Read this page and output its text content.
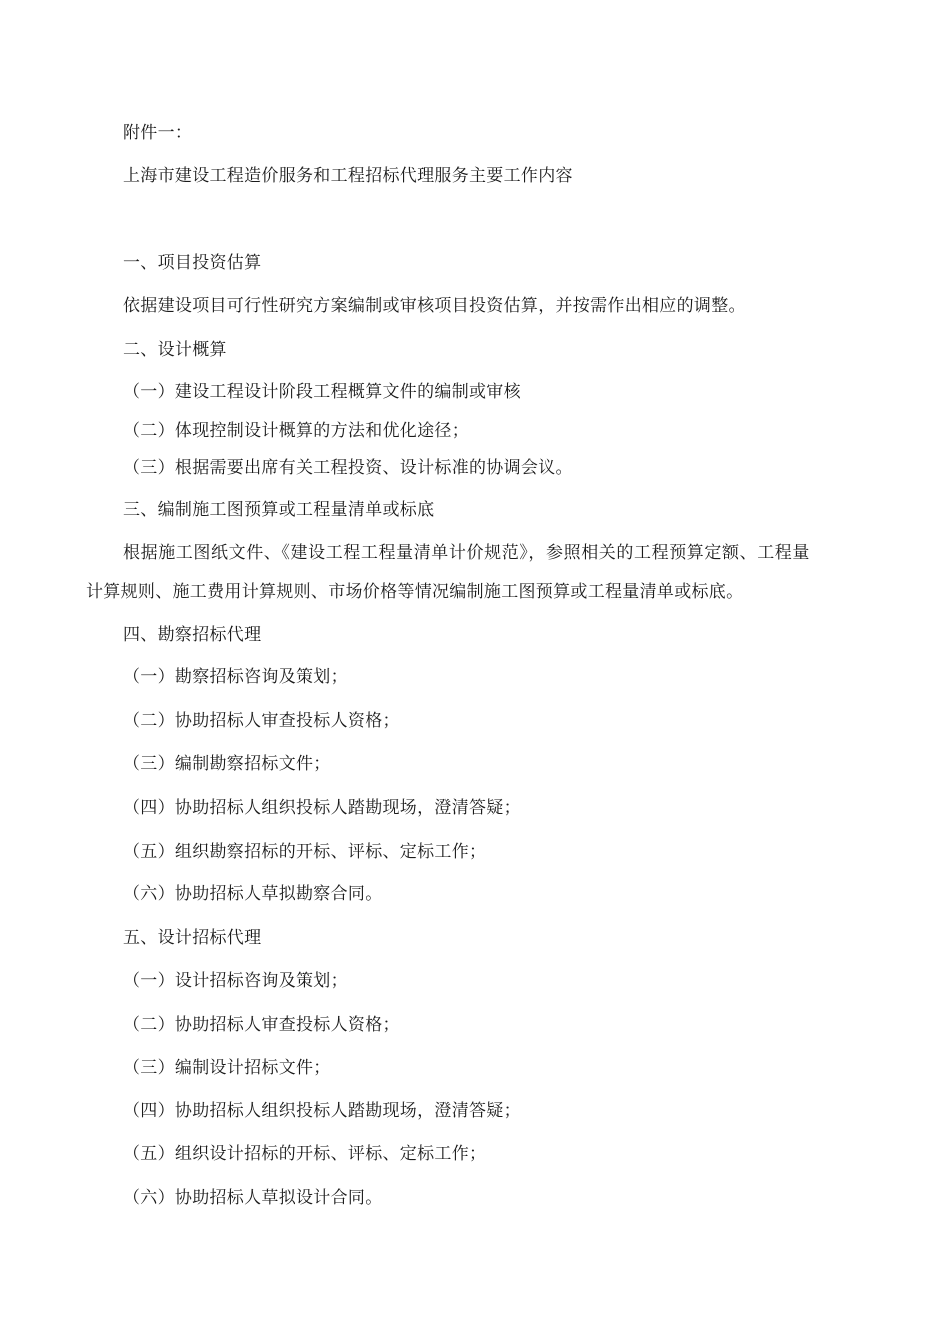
附件一：
上海市建设工程造价服务和工程招标代理服务主要工作内容
一、项目投资估算
依据建设项目可行性研究方案编制或审核项目投资估算，并按需作出相应的调整。
二、设计概算
（一）建设工程设计阶段工程概算文件的编制或审核
（二）体现控制设计概算的方法和优化途径；
（三）根据需要出席有关工程投资、设计标准的协调会议。
三、编制施工图预算或工程量清单或标底
根据施工图纸文件、《建设工程工程量清单计价规范》，参照相关的工程预算定额、工程量
计算规则、施工费用计算规则、市场价格等情况编制施工图预算或工程量清单或标底。
四、勘察招标代理
（一）勘察招标咨询及策划；
（二）协助招标人审查投标人资格；
（三）编制勘察招标文件；
（四）协助招标人组织投标人踏勘现场，澄清答疑；
（五）组织勘察招标的开标、评标、定标工作；
（六）协助招标人草拟勘察合同。
五、设计招标代理
（一）设计招标咨询及策划；
（二）协助招标人审查投标人资格；
（三）编制设计招标文件；
（四）协助招标人组织投标人踏勘现场，澄清答疑；
（五）组织设计招标的开标、评标、定标工作；
（六）协助招标人草拟设计合同。
